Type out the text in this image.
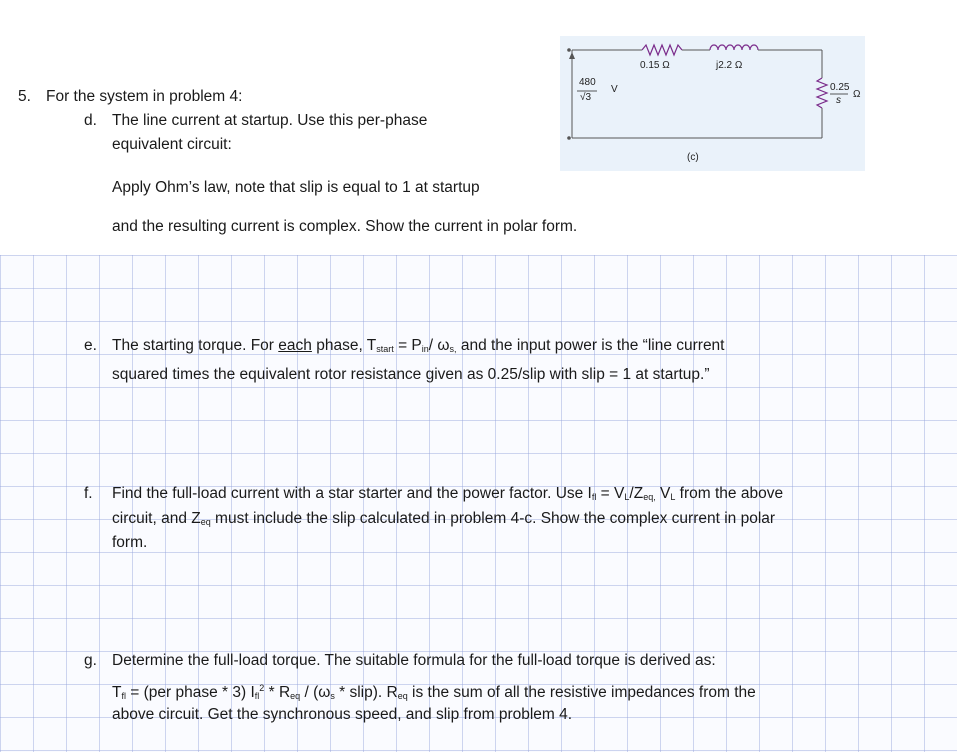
5. For the system in problem 4:
d. The line current at startup. Use this per-phase
equivalent circuit:
Apply Ohm’s law, note that slip is equal to 1 at startup
and the resulting current is complex. Show the current in polar form.
480
√3
V
0.15 Ω	j2.2 Ω
0.25
s
Ω
(c)
e. The starting torque. For each phase, $T_{start} = P_{in}/$ $\omega_{s,}$ and the input power is the “line current
squared times the equivalent rotor resistance given as 0.25/slip with slip = 1 at startup.”
f. Find the full-load current with a star starter and the power factor. Use $I_{fl} = V_L/Z_{eq,}$ $V_L$ from the above
circuit, and $Z_{eq}$ must include the slip calculated in problem 4-c. Show the complex current in polar
form.
g. Determine the full-load torque. The suitable formula for the full-load torque is derived as:
$T_{fl} = (per$ phase * 3) $I_{fl}^2 * R_{eq} / (\omega_s$ * slip). $R_{eq}$ is the sum of all the resistive impedances from the
above circuit. Get the synchronous speed, and slip from problem 4.
